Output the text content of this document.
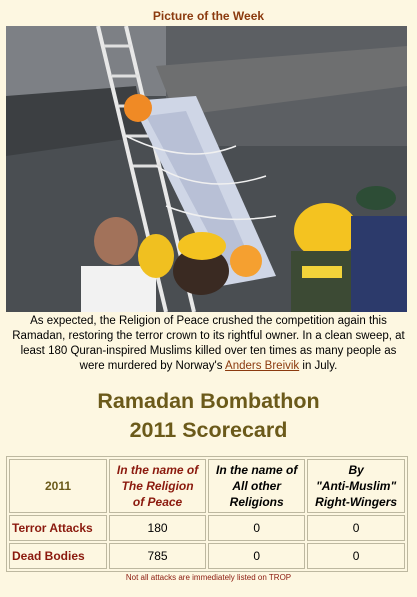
Picture of the Week
As expected, the Religion of Peace crushed the competition again this Ramadan, restoring the terror crown to its rightful owner. In a clean sweep, at least 180 Quran-inspired Muslims killed over ten times as many people as were murdered by Norway's Anders Breivik in July.
Ramadan Bombathon
2011 Scorecard
2011	In the name of
The Religion
of Peace	In the name of
All other
Religions	By
"Anti-Muslim"
Right-Wingers
Terror Attacks	180	0	0
Dead Bodies	785	0	0
Not all attacks are immediately listed on TROP
